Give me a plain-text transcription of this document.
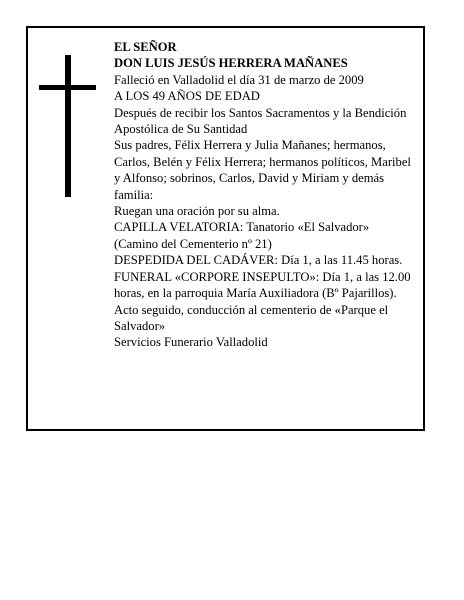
EL SEÑOR

DON LUIS JESÚS HERRERA MAÑANES

Falleció en Valladolid el día 31 de marzo de 2009

A LOS 49 AÑOS DE EDAD

Después de recibir los Santos Sacramentos y la Bendición Apostólica de Su Santidad

Sus padres, Félix Herrera y Julia Mañanes; hermanos, Carlos, Belén y Félix Herrera; hermanos políticos, Maribel y Alfonso; sobrinos, Carlos, David y Miriam y demás familia:

Ruegan una oración por su alma.

CAPILLA VELATORIA: Tanatorio «El Salvador» (Camino del Cementerio nº 21)

DESPEDIDA DEL CADÁVER: Día 1, a las 11.45 horas.

FUNERAL «CORPORE INSEPULTO»: Día 1, a las 12.00 horas, en la parroquia María Auxiliadora (Bº Pajarillos). Acto seguido, conducción al cementerio de «Parque el Salvador»

Servicios Funerario Valladolid
